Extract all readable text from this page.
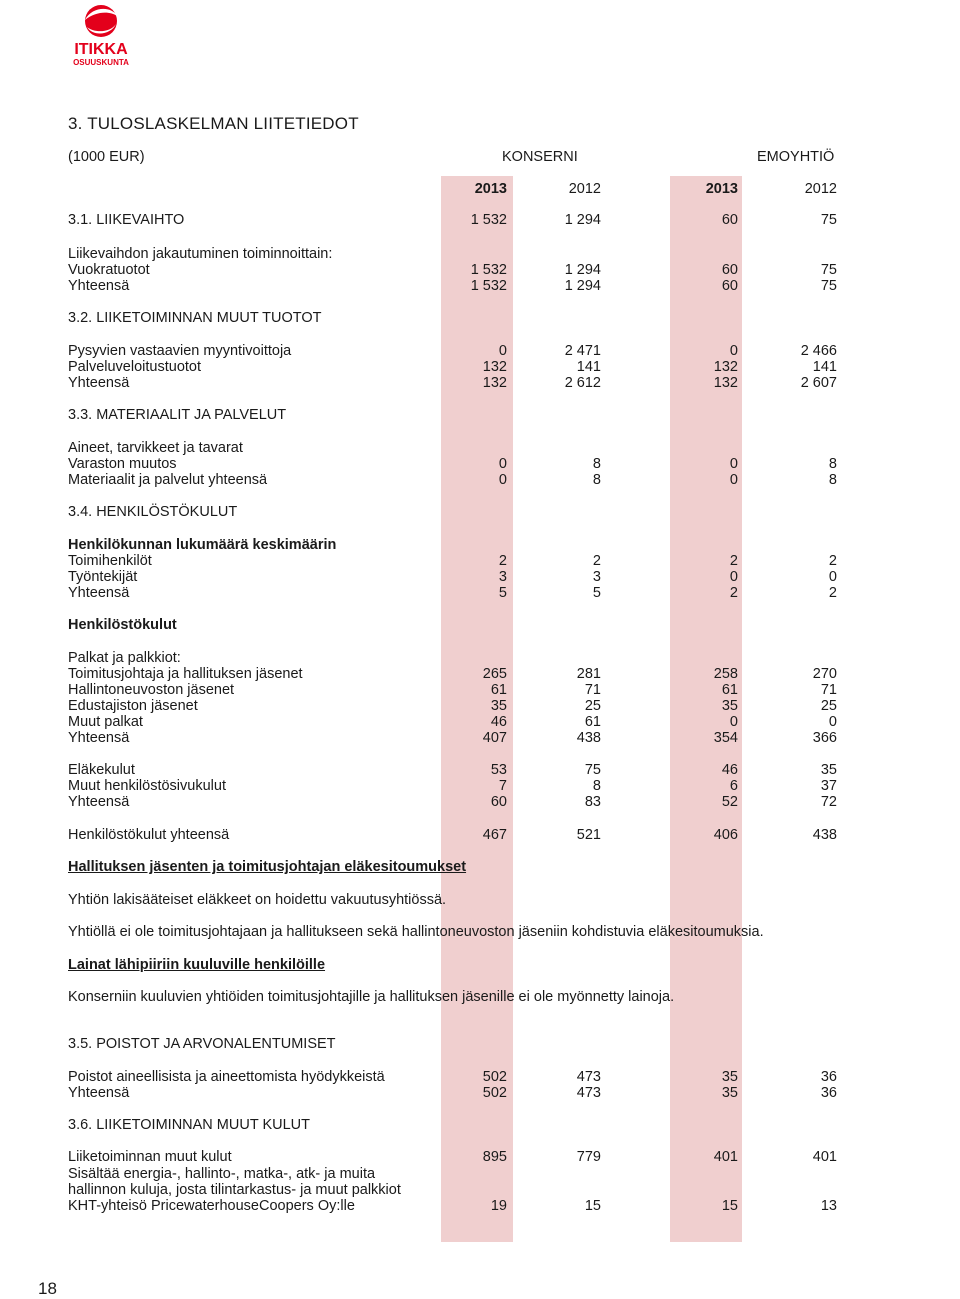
ITIKKA
OSUUSKUNTA
3. TULOSLASKELMAN LIITETIEDOT
(1000 EUR)	KONSERNI	EMOYHTIÖ
2013	2012	2013	2012
3.1. LIIKEVAIHTO	1 532	1 294	60	75
Liikevaihdon jakautuminen toiminnoittain:
Vuokratuotot	1 532	1 294	60	75
Yhteensä	1 532	1 294	60	75
3.2. LIIKETOIMINNAN MUUT TUOTOT
Pysyvien vastaavien myyntivoittoja	0	2 471	0	2 466
Palveluveloitustuotot	132	141	132	141
Yhteensä	132	2 612	132	2 607
3.3. MATERIAALIT JA PALVELUT
Aineet, tarvikkeet ja tavarat
Varaston muutos	0	8	0	8
Materiaalit ja palvelut yhteensä	0	8	0	8
3.4. HENKILÖSTÖKULUT
Henkilökunnan lukumäärä keskimäärin
Toimihenkilöt	2	2	2	2
Työntekijät	3	3	0	0
Yhteensä	5	5	2	2
Henkilöstökulut
Palkat ja palkkiot:
Toimitusjohtaja ja hallituksen jäsenet	265	281	258	270
Hallintoneuvoston jäsenet	61	71	61	71
Edustajiston jäsenet	35	25	35	25
Muut palkat	46	61	0	0
Yhteensä	407	438	354	366
Eläkekulut	53	75	46	35
Muut henkilöstösivukulut	7	8	6	37
Yhteensä	60	83	52	72
Henkilöstökulut yhteensä	467	521	406	438
Hallituksen jäsenten ja toimitusjohtajan eläkesitoumukset
Yhtiön lakisääteiset eläkkeet on hoidettu vakuutusyhtiössä.
Yhtiöllä ei ole toimitusjohtajaan ja hallitukseen sekä hallintoneuvoston jäseniin kohdistuvia eläkesitoumuksia.
Lainat lähipiiriin kuuluville henkilöille
Konserniin kuuluvien yhtiöiden toimitusjohtajille ja hallituksen jäsenille ei ole myönnetty lainoja.
3.5. POISTOT JA ARVONALENTUMISET
Poistot aineellisista ja aineettomista hyödykkeistä	502	473	35	36
Yhteensä	502	473	35	36
3.6. LIIKETOIMINNAN MUUT KULUT
Liiketoiminnan muut kulut	895	779	401	401
Sisältää energia-, hallinto-, matka-, atk- ja muita
hallinnon kuluja, josta tilintarkastus- ja muut palkkiot
KHT-yhteisö PricewaterhouseCoopers Oy:lle	19	15	15	13
18
